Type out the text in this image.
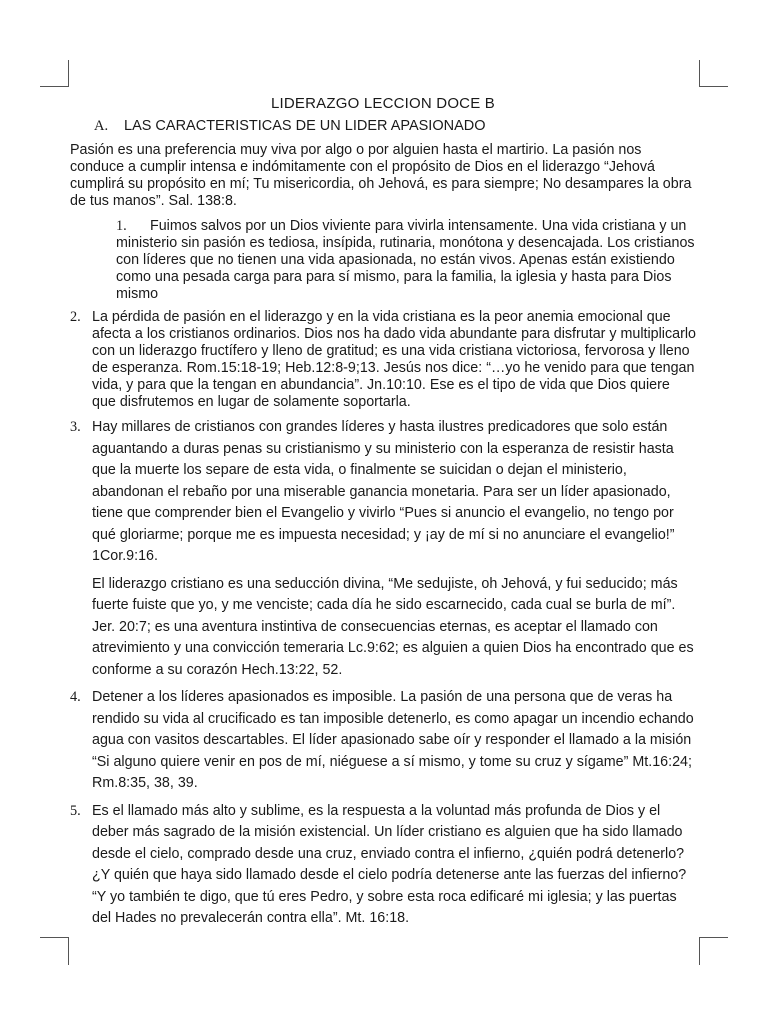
LIDERAZGO LECCION DOCE B
A. LAS CARACTERISTICAS DE UN LIDER APASIONADO

Pasión es una preferencia muy viva por algo o por alguien hasta el martirio. La pasión nos conduce a cumplir intensa e indómitamente con el propósito de Dios en el liderazgo “Jehová cumplirá su propósito en mí; Tu misericordia, oh Jehová, es para siempre; No desampares la obra de tus manos”. Sal. 138:8.

1. Fuimos salvos por un Dios viviente para vivirla intensamente. Una vida cristiana y un ministerio sin pasión es tediosa, insípida, rutinaria, monótona y desencajada. Los cristianos con líderes que no tienen una vida apasionada, no están vivos. Apenas están existiendo como una pesada carga para para sí mismo, para la familia, la iglesia y hasta para Dios mismo

2. La pérdida de pasión en el liderazgo y en la vida cristiana es la peor anemia emocional que afecta a los cristianos ordinarios. Dios nos ha dado vida abundante para disfrutar y multiplicarlo con un liderazgo fructífero y lleno de gratitud; es una vida cristiana victoriosa, fervorosa y lleno de esperanza. Rom.15:18-19; Heb.12:8-9;13. Jesús nos dice: “…yo he venido para que tengan vida, y para que la tengan en abundancia”. Jn.10:10. Ese es el tipo de vida que Dios quiere que disfrutemos en lugar de solamente soportarla.

3. Hay millares de cristianos con grandes líderes y hasta ilustres predicadores que solo están aguantando a duras penas su cristianismo y su ministerio con la esperanza de resistir hasta que la muerte los separe de esta vida, o finalmente se suicidan o dejan el ministerio, abandonan el rebaño por una miserable ganancia monetaria. Para ser un líder apasionado, tiene que comprender bien el Evangelio y vivirlo “Pues si anuncio el evangelio, no tengo por qué gloriarme; porque me es impuesta necesidad; y ¡ay de mí si no anunciare el evangelio!” 1Cor.9:16.

El liderazgo cristiano es una seducción divina, “Me sedujiste, oh Jehová, y fui seducido; más fuerte fuiste que yo, y me venciste; cada día he sido escarnecido, cada cual se burla de mí”. Jer. 20:7; es una aventura instintiva de consecuencias eternas, es aceptar el llamado con atrevimiento y una convicción temeraria Lc.9:62; es alguien a quien Dios ha encontrado que es conforme a su corazón Hech.13:22, 52.

4. Detener a los líderes apasionados es imposible. La pasión de una persona que de veras ha rendido su vida al crucificado es tan imposible detenerlo, es como apagar un incendio echando agua con vasitos descartables. El líder apasionado sabe oír y responder el llamado a la misión “Si alguno quiere venir en pos de mí, niéguese a sí mismo, y tome su cruz y sígame” Mt.16:24; Rm.8:35, 38, 39.

5. Es el llamado más alto y sublime, es la respuesta a la voluntad más profunda de Dios y el deber más sagrado de la misión existencial. Un líder cristiano es alguien que ha sido llamado desde el cielo, comprado desde una cruz, enviado contra el infierno, ¿quién podrá detenerlo? ¿Y quién que haya sido llamado desde el cielo podría detenerse ante las fuerzas del infierno? “Y yo también te digo, que tú eres Pedro, y sobre esta roca edificaré mi iglesia; y las puertas del Hades no prevalecerán contra ella”. Mt. 16:18.
